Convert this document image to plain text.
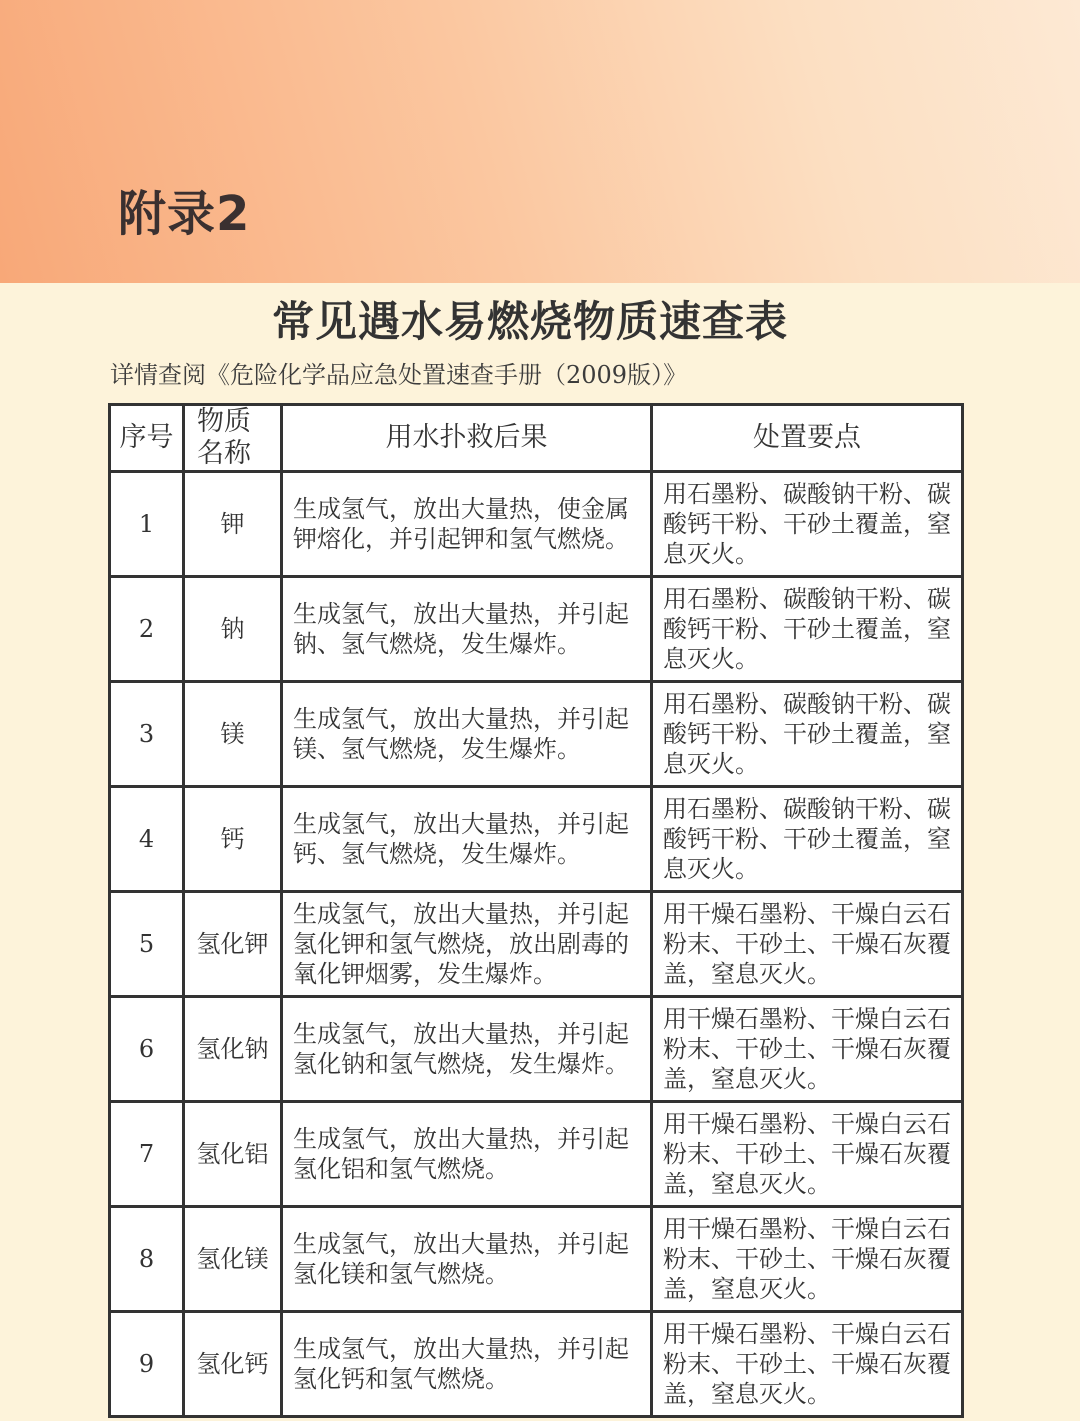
附录2
常见遇水易燃烧物质速查表
详情查阅《危险化学品应急处置速查手册（2009版）》
序号	物质名称	用水扑救后果	处置要点
1	钾	生成氢气，放出大量热，使金属钾熔化，并引起钾和氢气燃烧。	用石墨粉、碳酸钠干粉、碳酸钙干粉、干砂土覆盖，窒息灭火。
2	钠	生成氢气，放出大量热，并引起钠、氢气燃烧，发生爆炸。	用石墨粉、碳酸钠干粉、碳酸钙干粉、干砂土覆盖，窒息灭火。
3	镁	生成氢气，放出大量热，并引起镁、氢气燃烧，发生爆炸。	用石墨粉、碳酸钠干粉、碳酸钙干粉、干砂土覆盖，窒息灭火。
4	钙	生成氢气，放出大量热，并引起钙、氢气燃烧，发生爆炸。	用石墨粉、碳酸钠干粉、碳酸钙干粉、干砂土覆盖，窒息灭火。
5	氢化钾	生成氢气，放出大量热，并引起氢化钾和氢气燃烧，放出剧毒的氧化钾烟雾，发生爆炸。	用干燥石墨粉、干燥白云石粉末、干砂土、干燥石灰覆盖，窒息灭火。
6	氢化钠	生成氢气，放出大量热，并引起氢化钠和氢气燃烧，发生爆炸。	用干燥石墨粉、干燥白云石粉末、干砂土、干燥石灰覆盖，窒息灭火。
7	氢化铝	生成氢气，放出大量热，并引起氢化铝和氢气燃烧。	用干燥石墨粉、干燥白云石粉末、干砂土、干燥石灰覆盖，窒息灭火。
8	氢化镁	生成氢气，放出大量热，并引起氢化镁和氢气燃烧。	用干燥石墨粉、干燥白云石粉末、干砂土、干燥石灰覆盖，窒息灭火。
9	氢化钙	生成氢气，放出大量热，并引起氢化钙和氢气燃烧。	用干燥石墨粉、干燥白云石粉末、干砂土、干燥石灰覆盖，窒息灭火。
